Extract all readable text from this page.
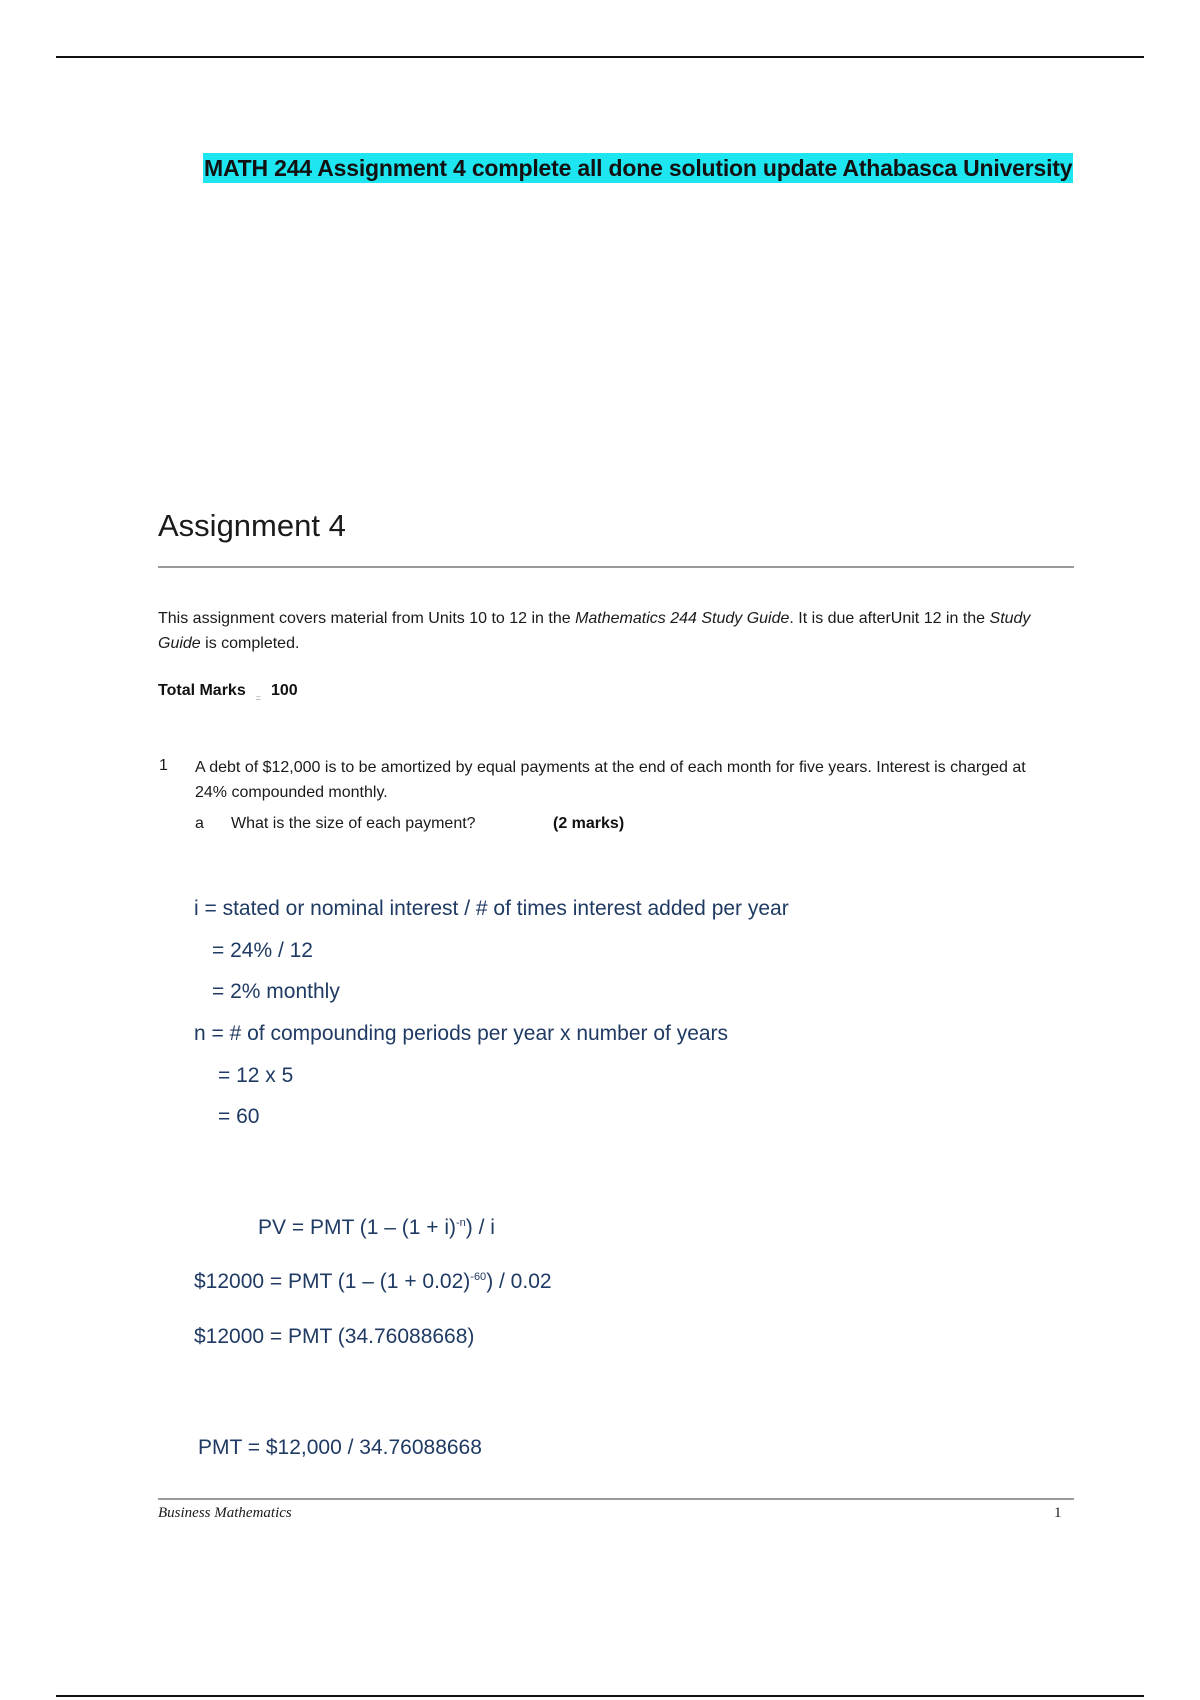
MATH 244 Assignment 4 complete all done solution update Athabasca University
Assignment 4
This assignment covers material from Units 10 to 12 in the Mathematics 244 Study Guide. It is due afterUnit 12 in the Study Guide is completed.
Total Marks = 100
1 A debt of $12,000 is to be amortized by equal payments at the end of each month for five years. Interest is charged at 24% compounded monthly.
a What is the size of each payment?	(2 marks)
i = stated or nominal interest / # of times interest added per year
= 24% / 12
= 2% monthly
n = # of compounding periods per year x number of years
= 12 x 5
= 60
PV = PMT $(1 - (1 + i)^{-n}) / i$
$12000 = PMT $(1 - (1 + 0.02)^{-60}) / 0.02$
$12000 = PMT (34.76088668)
PMT = $12,000 / 34.76088668
Business Mathematics	1
